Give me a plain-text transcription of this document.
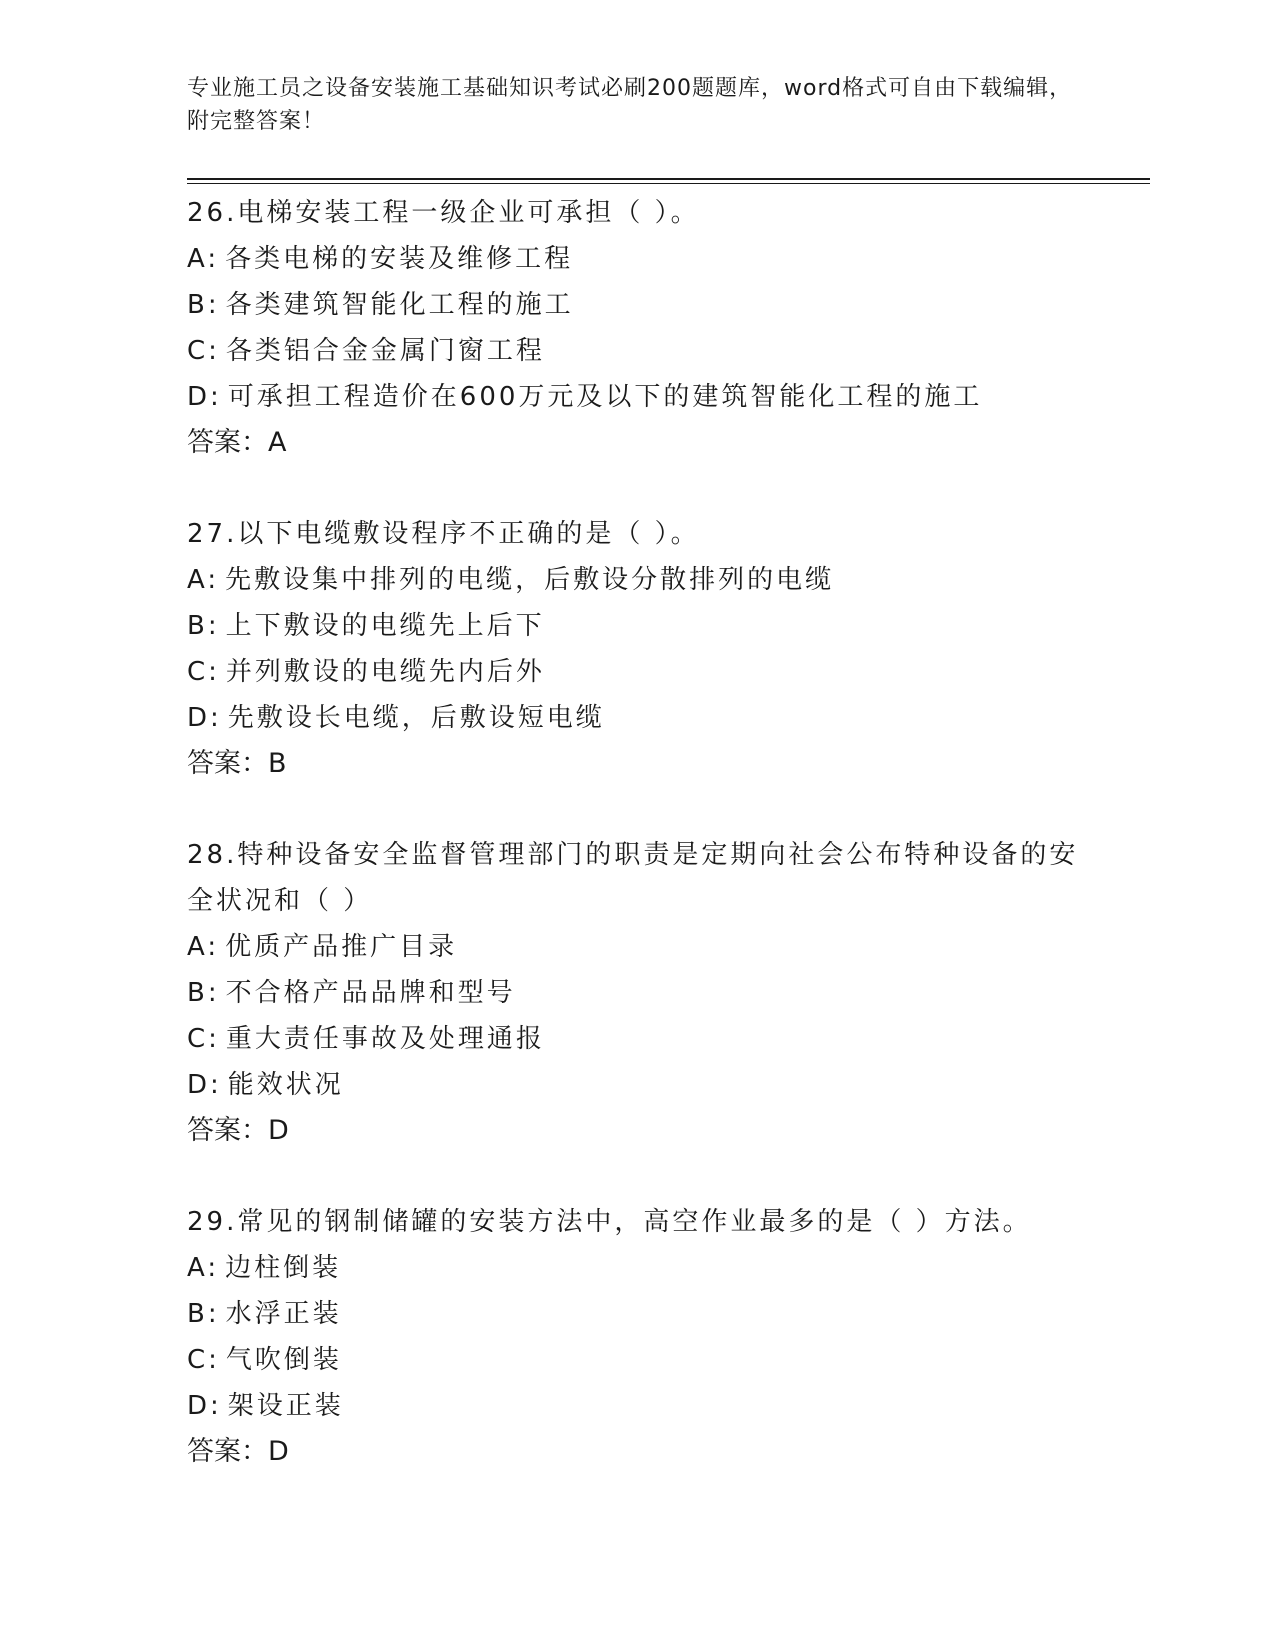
专业施工员之设备安装施工基础知识考试必刷200题题库，word格式可自由下载编辑，附完整答案！
26.电梯安装工程一级企业可承担（ ）。
A: 各类电梯的安装及维修工程
B: 各类建筑智能化工程的施工
C: 各类铝合金金属门窗工程
D: 可承担工程造价在600万元及以下的建筑智能化工程的施工
答案：A
27.以下电缆敷设程序不正确的是（ ）。
A: 先敷设集中排列的电缆，后敷设分散排列的电缆
B: 上下敷设的电缆先上后下
C: 并列敷设的电缆先内后外
D: 先敷设长电缆，后敷设短电缆
答案：B
28.特种设备安全监督管理部门的职责是定期向社会公布特种设备的安全状况和（ ）
A: 优质产品推广目录
B: 不合格产品品牌和型号
C: 重大责任事故及处理通报
D: 能效状况
答案：D
29.常见的钢制储罐的安装方法中，高空作业最多的是（ ）方法。
A: 边柱倒装
B: 水浮正装
C: 气吹倒装
D: 架设正装
答案：D
